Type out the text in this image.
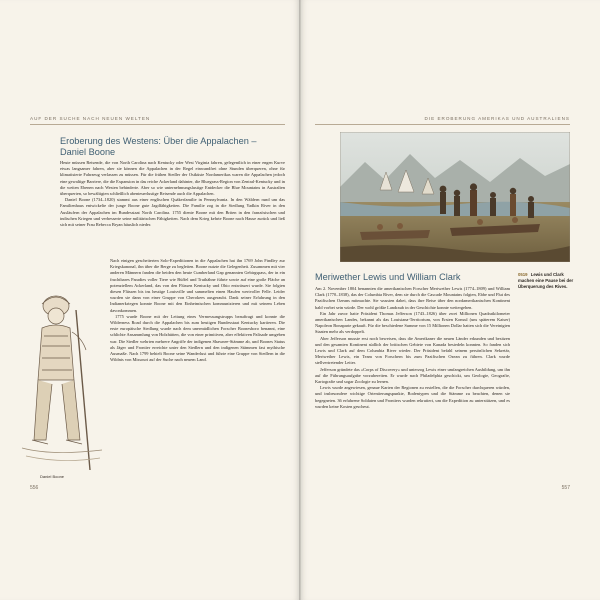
AUF DER SUCHE NACH NEUEN WELTEN
Eroberung des Westens: Über die Appalachen – Daniel Boone

Heute müssen Reisende, die von North Carolina nach Kentucky oder West Virginia fahren, gelegentlich in einer engen Kurve etwas langsamer fahren, aber sie können die Appalachen in der Regel einwandfrei ohne Stunden überqueren, ohne für klimatisierte Fahrzeug verlassen zu müssen. Für die frühen Siedler der Ostküste Nordamerikas waren die Appalachen jedoch eine gewaltige Barriere, die die Expansion in das reiche Ackerland dahinter, die Bluegrass-Region von Zentral-Kentucky und in die weiten Ebenen nach Westen behinderte. Aber so wie unternehmungslustige Entdecker die Blue Mountains in Australien überquerten, so bewältigten schließlich abenteuerlustige Reisende auch die Appalachen.

Daniel Boone (1734–1820) stammt aus einer englischen Quäkerfamilie in Pennsylvania. In den Wäldern rund um das Familienhaus entwickelte der junge Boone gute Jagdfähigkeiten. Die Familie zog in die Siedlung Yadkin River in den Ausläufern der Appalachen im Bundesstaat North Carolina. 1755 diente Boone mit den Briten in den französischen und indischen Kriegen und verbesserte seine militärischen Fähigkeiten. Nach dem Krieg kehrte Boone nach Hause zurück und ließ sich mit seiner Frau Rebecca Bryan häuslich nieder.

Nach einigen gescheiterten Solo-Expeditionen in die Appalachen hat ihn 1769 John Findley zur Kriegskanonal, ihn über die Berge zu begleiten. Boone nutzte die Gelegenheit. Zusammen mit vier anderen Männern fanden die beiden den heute Cumberland Gap genannten Gebirgspass, der in ein fruchtbares Paradies voller Tiere wie Büffel und Truthähne führte sowie auf eine große Fläche an potenziellem Ackerland, das von den Flüssen Kentucky und Ohio entwässert wurde. Sie folgten diesen Flüssen bis ins heutige Louisville und sammelten einen Haufen wertvoller Felle. Leider wurden sie dann von einer Gruppe von Cherokees ausgeraubt. Dank seiner Erfahrung in den Indianerkriegen konnte Boone mit den Einheimischen kommunizieren und mit seinem Leben davonkommen.

1775 wurde Boone mit der Leitung eines Vermessungstrupps beauftragt und konnte die Wilderness Road durch die Appalachen bis zum heutigen Bundesstaat Kentucky kartieren. Die erste europäische Siedlung wurde nach dem unermüdlichen Forscher Boonesboro benannt, eine schlichte Ansammlung von Holzhütten, die von einer primitiven, aber effektiven Palisade umgeben war. Die Siedler wehrten mehrere Angriffe der indigenen Shawnee-Stämme ab, und Boones Status als Jäger und Frontier erreichte unter den Siedlern und den indigenen Stämmen fast mythische Ausmaße. Nach 1799 behielt Boone seine Wanderlust und führte eine Gruppe von Siedlern in die Wildnis von Missouri auf der Suche nach neuem Land.

Daniel Boone
556
DIE EROBERUNG AMERIKAS UND AUSTRALIENS
Meriwether Lewis und William Clark	0519 Lewis und Clark machen eine Pause bei der Überquerung des Rives.

Am 2. November 1804 benannten die amerikanischen Forscher Meriwether Lewis (1774–1809) und William Clark (1770–1838), das der Columbia River, dem sie durch die Cascade Mountains folgten, Ebbe und Flut des Pazifischen Ozeans mitmachte. Sie wussten dabei, dass ihre Reise über den nordamerikanischen Kontinent bald vorbei sein würde. Der wohl größte Landraub in der Geschichte konnte weitergehen.

Ein Jahr zuvor hatte Präsident Thomas Jefferson (1743–1826) über zwei Millionen Quadratkilometer amerikanischen Landes, bekannt als das Louisiana-Territorium, von Ersten Konsul (uns späterem Kaiser) Napoleon Bonaparte gekauft. Für die beschiedene Summe von 15 Millionen Dollar hatten sich die Vereinigten Staaten mehr als verdoppelt.

Aber Jefferson musste erst noch beweisen, dass die Amerikaner die neuen Länder erkunden und besitzen und den gesamten Kontinent südlich der britischen Gebiete von Kanada besiedeln konnten. So fanden sich Lewis und Clark auf dem Columbia River wieder. Der Präsident befahl seinem persönlichen Sekretär, Meriwether Lewis, ein Team von Forschern bis zum Pazifischen Ozean zu führen. Clark wurde stellvertretender Leiter.

Jefferson gründete das »Corps of Discovery« und unterzog Lewis einer umfangreichen Ausbildung, um ihn auf die Führungsaufgabe vorzubereiten. Er wurde nach Philadelphia geschickt, um Geologie, Geografie, Kartografie und sogar Zoologie zu lernen.

Lewis wurde angewiesen, genaue Karten der Regionen zu erstellen, die die Forscher durchqueren würden, und insbesondere wichtige Orientierungspunkte, Bodentypen und die Stämme zu beachten, denen sie begegneten. 36 erfahrene Soldaten und Frontiers wurden rekrutiert, um die Expedition zu unterstützen, und es wurden keine Kosten gescheut.

557
